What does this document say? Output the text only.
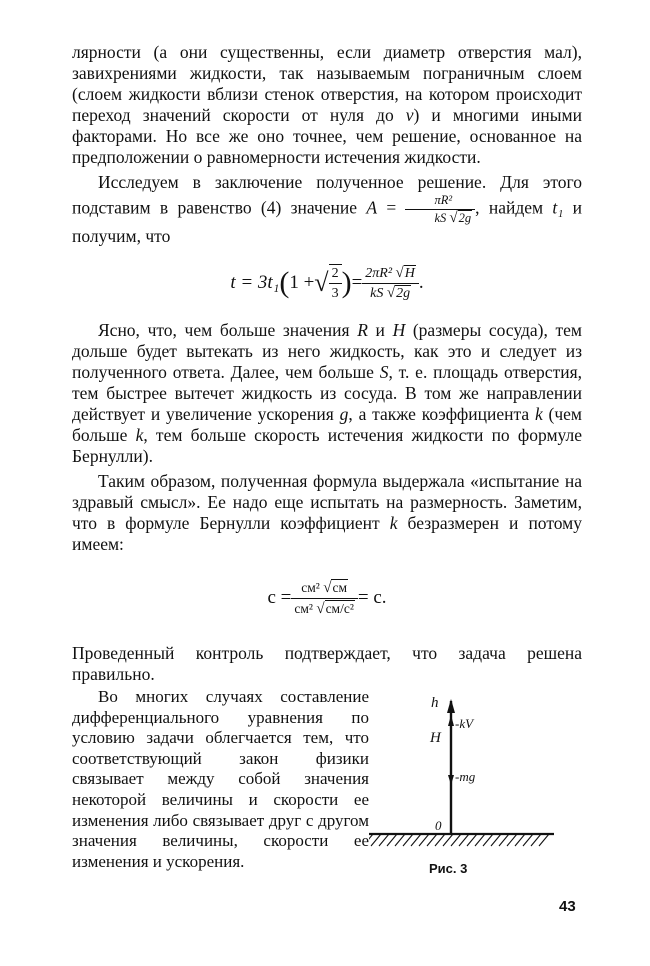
лярности (а они существенны, если диаметр отверстия мал), завихрениями жидкости, так называемым пограничным слоем (слоем жидкости вблизи стенок отверстия, на котором происходит переход значений скорости от нуля до v) и многими иными факторами. Но все же оно точнее, чем решение, основанное на предположении о равномерности истечения жидкости.

Исследуем в заключение полученное решение. Для этого подставим в равенство (4) значение $A = \frac{\text{πR²}}{kS √2g}$ , найдем t₁ и получим, что

t = 3t₁ ( 1 + √ $\frac{2}{3}$ ) = $\frac{\text{2πR² √H}}{kS √2g}$ .

Ясно, что, чем больше значения R и H (размеры сосуда), тем дольше будет вытекать из него жидкость, как это и следует из полученного ответа. Далее, чем больше S, т. е. площадь отверстия, тем быстрее вытечет жидкость из сосуда. В том же направлении действует и увеличение ускорения g, а также коэффициента k (чем больше k, тем больше скорость истечения жидкости по формуле Бернулли).

Таким образом, полученная формула выдержала «испытание на здравый смысл». Ее надо еще испытать на размерность. Заметим, что в формуле Бернулли коэффициент k безразмерен и потому имеем:

$c = \frac{\text{см² √см}}{\text{см² √см/с²}} = c$.

Проведенный контроль подтверждает, что задача решена правильно.

Во многих случаях составление дифференциального уравнения по условию задачи облегчается тем, что соответствующий закон физики связывает между собой значения некоторой величины и скорости ее изменения либо связывает друг с другом значения величины, скорости ее изменения и ускорения.

h
H
-kV
-mg
0
Рис. 3
43
